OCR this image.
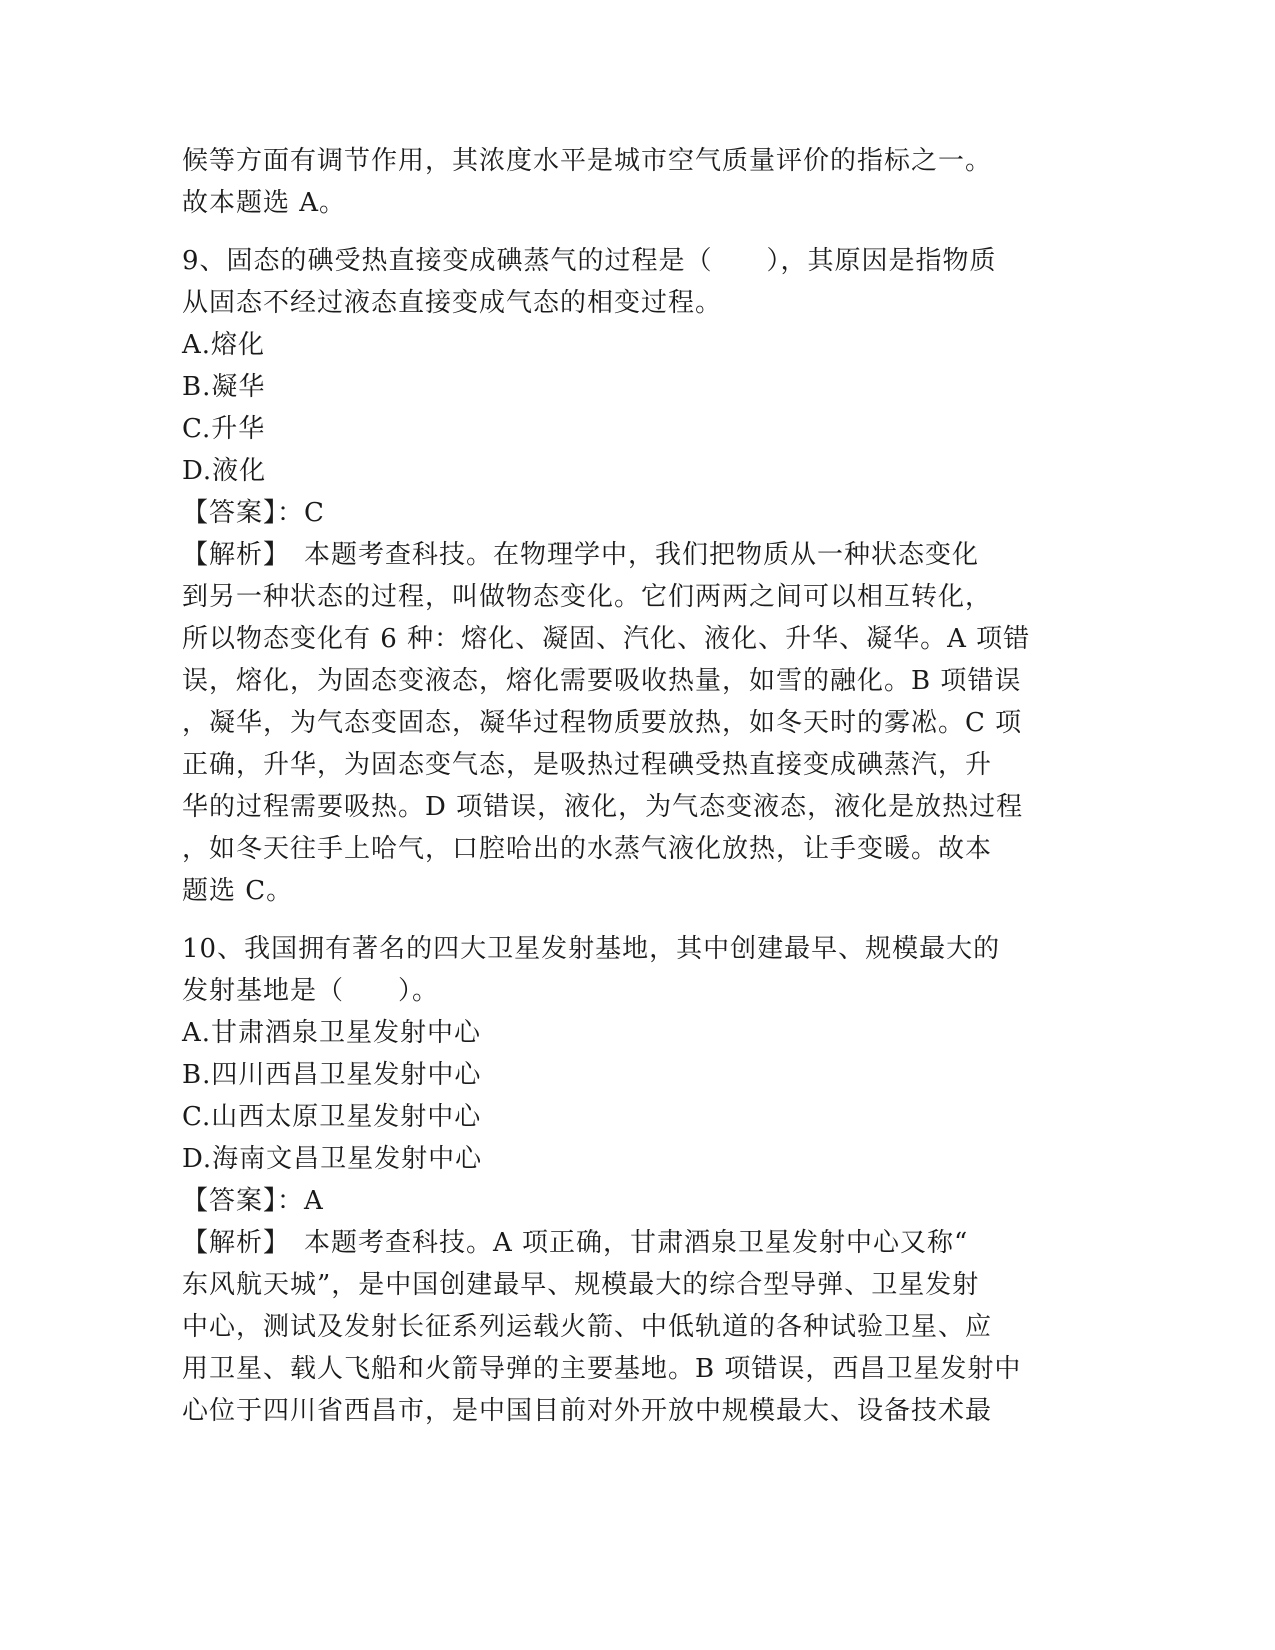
候等方面有调节作用，其浓度水平是城市空气质量评价的指标之一。
故本题选 A。
9、固态的碘受热直接变成碘蒸气的过程是（　　），其原因是指物质
从固态不经过液态直接变成气态的相变过程。
A.熔化
B.凝华
C.升华
D.液化
【答案】：C
【解析】　本题考查科技。在物理学中，我们把物质从一种状态变化
到另一种状态的过程，叫做物态变化。它们两两之间可以相互转化，
所以物态变化有 6 种：熔化、凝固、汽化、液化、升华、凝华。A 项错
误，熔化，为固态变液态，熔化需要吸收热量，如雪的融化。B 项错误
，凝华，为气态变固态，凝华过程物质要放热，如冬天时的雾凇。C 项
正确，升华，为固态变气态，是吸热过程碘受热直接变成碘蒸汽，升
华的过程需要吸热。D 项错误，液化，为气态变液态，液化是放热过程
，如冬天往手上哈气，口腔哈出的水蒸气液化放热，让手变暖。故本
题选 C。
10、我国拥有著名的四大卫星发射基地，其中创建最早、规模最大的
发射基地是（　　）。
A.甘肃酒泉卫星发射中心
B.四川西昌卫星发射中心
C.山西太原卫星发射中心
D.海南文昌卫星发射中心
【答案】：A
【解析】　本题考查科技。A 项正确，甘肃酒泉卫星发射中心又称“
东风航天城”，是中国创建最早、规模最大的综合型导弹、卫星发射
中心，测试及发射长征系列运载火箭、中低轨道的各种试验卫星、应
用卫星、载人飞船和火箭导弹的主要基地。B 项错误，西昌卫星发射中
心位于四川省西昌市，是中国目前对外开放中规模最大、设备技术最
